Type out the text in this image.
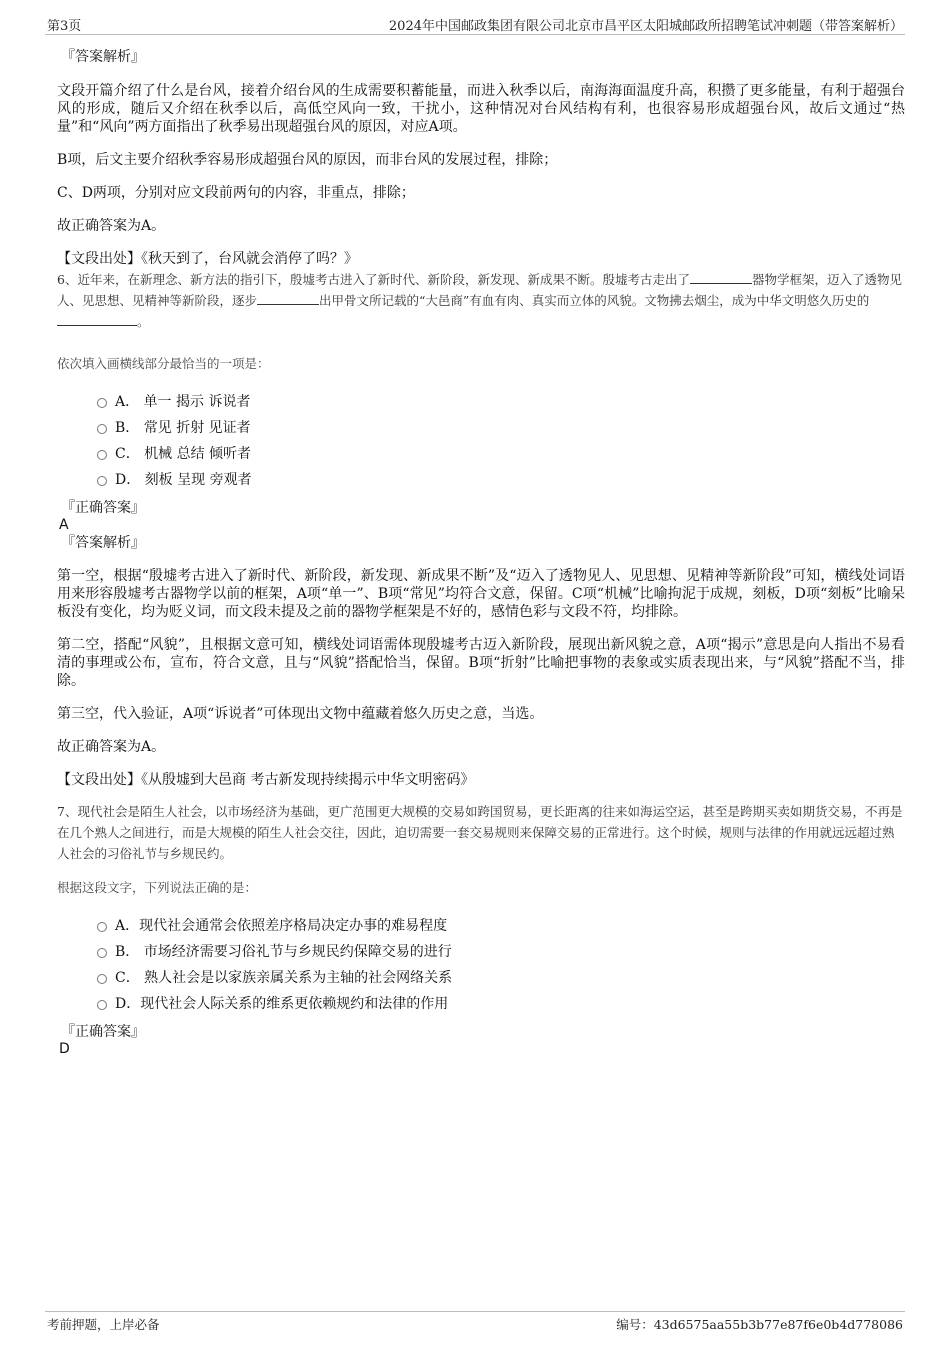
第3页	2024年中国邮政集团有限公司北京市昌平区太阳城邮政所招聘笔试冲刺题（带答案解析）
『答案解析』

文段开篇介绍了什么是台风，接着介绍台风的生成需要积蓄能量，而进入秋季以后，南海海面温度升高，积攒了更多能量，有利于超强台风的形成，随后又介绍在秋季以后，高低空风向一致，干扰小，这种情况对台风结构有利，也很容易形成超强台风，故后文通过“热量”和“风向”两方面指出了秋季易出现超强台风的原因，对应A项。

B项，后文主要介绍秋季容易形成超强台风的原因，而非台风的发展过程，排除；

C、D两项，分别对应文段前两句的内容，非重点，排除；

故正确答案为A。

【文段出处】《秋天到了，台风就会消停了吗？》

6、近年来，在新理念、新方法的指引下，殷墟考古进入了新时代、新阶段，新发现、新成果不断。殷墟考古走出了	器物学框架，迈入了透物见人、见思想、见精神等新阶段，逐步	出甲骨文所记载的“大邑商”有血有肉、真实而立体的风貌。文物拂去烟尘，成为中华文明悠久历史的。

依次填入画横线部分最恰当的一项是：
A． 单一 揭示 诉说者
B． 常见 折射 见证者
C． 机械 总结 倾听者
D． 刻板 呈现 旁观者
『正确答案』
A
『答案解析』

第一空，根据“殷墟考古进入了新时代、新阶段，新发现、新成果不断”及“迈入了透物见人、见思想、见精神等新阶段”可知，横线处词语用来形容殷墟考古器物学以前的框架，A项“单一”、B项“常见”均符合文意，保留。C项“机械”比喻拘泥于成规，刻板，D项“刻板”比喻呆板没有变化，均为贬义词，而文段未提及之前的器物学框架是不好的，感情色彩与文段不符，均排除。

第二空，搭配“风貌”，且根据文意可知，横线处词语需体现殷墟考古迈入新阶段，展现出新风貌之意，A项“揭示”意思是向人指出不易看清的事理或公布，宣布，符合文意，且与“风貌”搭配恰当，保留。B项“折射”比喻把事物的表象或实质表现出来，与“风貌”搭配不当，排除。

第三空，代入验证，A项“诉说者”可体现出文物中蕴藏着悠久历史之意，当选。

故正确答案为A。

【文段出处】《从殷墟到大邑商 考古新发现持续揭示中华文明密码》

7、现代社会是陌生人社会，以市场经济为基础，更广范围更大规模的交易如跨国贸易，更长距离的往来如海运空运，甚至是跨期买卖如期货交易，不再是在几个熟人之间进行，而是大规模的陌生人社会交往，因此，迫切需要一套交易规则来保障交易的正常进行。这个时候，规则与法律的作用就远远超过熟人社会的习俗礼节与乡规民约。

根据这段文字，下列说法正确的是：
A．现代社会通常会依照差序格局决定办事的难易程度
B． 市场经济需要习俗礼节与乡规民约保障交易的进行
C． 熟人社会是以家族亲属关系为主轴的社会网络关系
D．现代社会人际关系的维系更依赖规约和法律的作用
『正确答案』
D
考前押题，上岸必备	编号：43d6575aa55b3b77e87f6e0b4d778086
